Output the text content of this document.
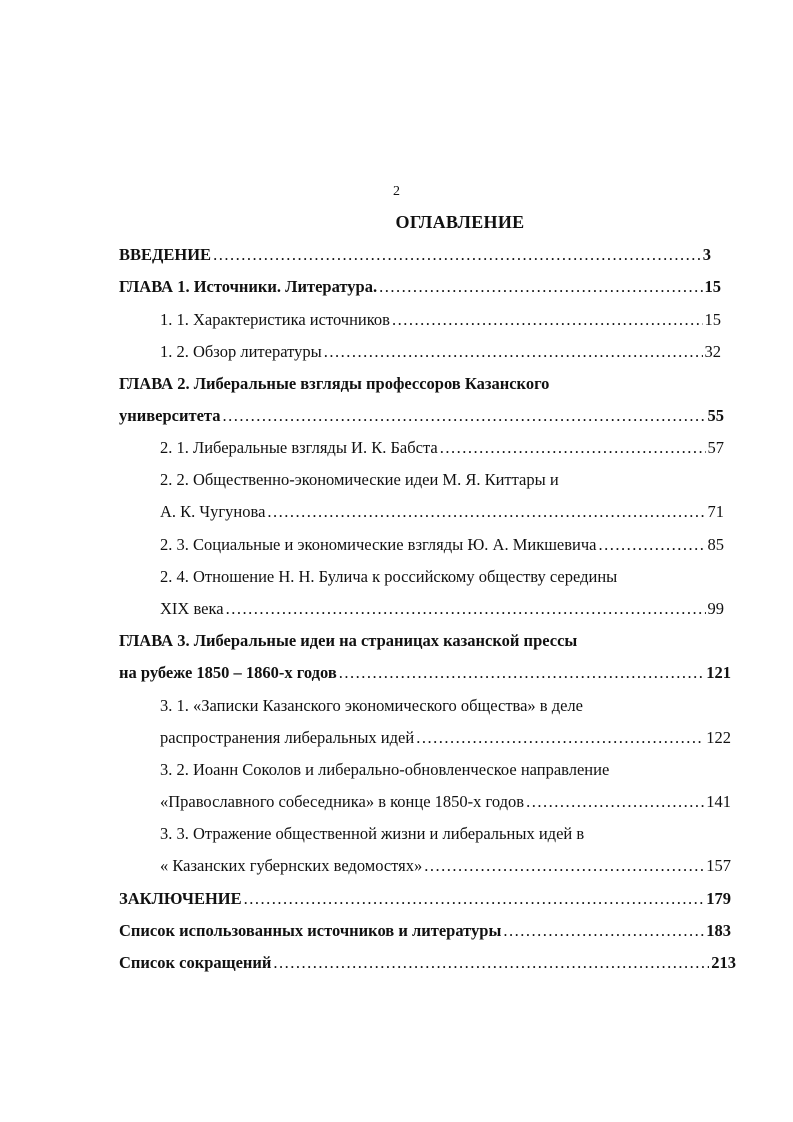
2
ОГЛАВЛЕНИЕ
ВВЕДЕНИЕ .....	3
ГЛАВА 1. Источники. Литература. .....	15
1. 1. Характеристика источников .....	15
1. 2. Обзор литературы .....	32
ГЛАВА 2. Либеральные взгляды профессоров Казанского
университета .....	55
2. 1. Либеральные взгляды И. К. Бабста .....	57
2. 2. Общественно-экономические идеи М. Я. Киттары и
А. К. Чугунова .....	71
2. 3. Социальные и экономические взгляды Ю. А. Микшевича .....	85
2. 4. Отношение Н. Н. Булича к российскому обществу середины
XIX века .....	99
ГЛАВА 3. Либеральные идеи на страницах казанской прессы
на рубеже 1850 – 1860-х годов .....	121
3. 1. «Записки Казанского экономического общества» в деле
распространения либеральных идей .....	122
3. 2. Иоанн Соколов и либерально-обновленческое направление
«Православного собеседника» в конце 1850-х годов .....	141
3. 3. Отражение общественной жизни и либеральных идей в
« Казанских губернских ведомостях» .....	157
ЗАКЛЮЧЕНИЕ .....	179
Список использованных источников и литературы .....	183
Список сокращений .....	213
